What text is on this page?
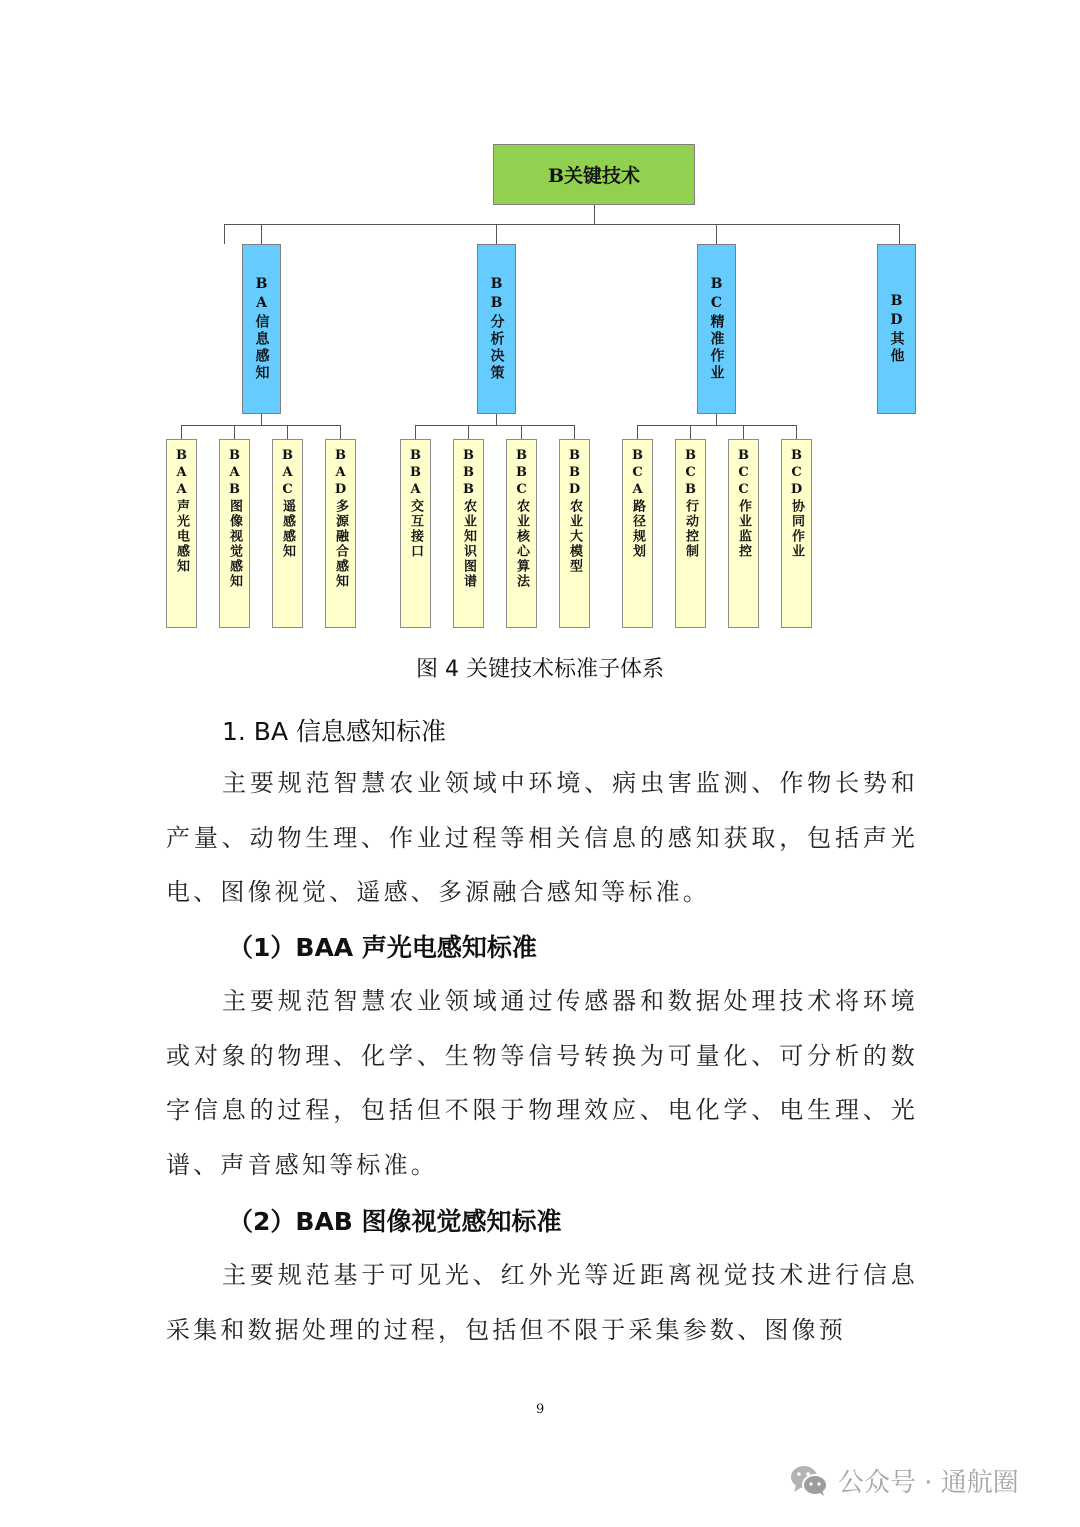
B关键技术
BA信息感知	BB分析决策	BC精准作业	BD其他
BAA声光电感知	BAB图像视觉感知	BAC遥感感知	BAD多源融合感知	BBA交互接口	BBB农业知识图谱	BBC农业核心算法	BBD农业大模型	BCA路径规划	BCB行动控制	BCC作业监控	BCD协同作业
图 4 关键技术标准子体系
1. BA 信息感知标准
主要规范智慧农业领域中环境、病虫害监测、作物长势和产量、动物生理、作业过程等相关信息的感知获取，包括声光电、图像视觉、遥感、多源融合感知等标准。
（1）BAA 声光电感知标准
主要规范智慧农业领域通过传感器和数据处理技术将环境或对象的物理、化学、生物等信号转换为可量化、可分析的数字信息的过程，包括但不限于物理效应、电化学、电生理、光谱、声音感知等标准。
（2）BAB 图像视觉感知标准
主要规范基于可见光、红外光等近距离视觉技术进行信息采集和数据处理的过程，包括但不限于采集参数、图像预
9
公众号 · 通航圈
